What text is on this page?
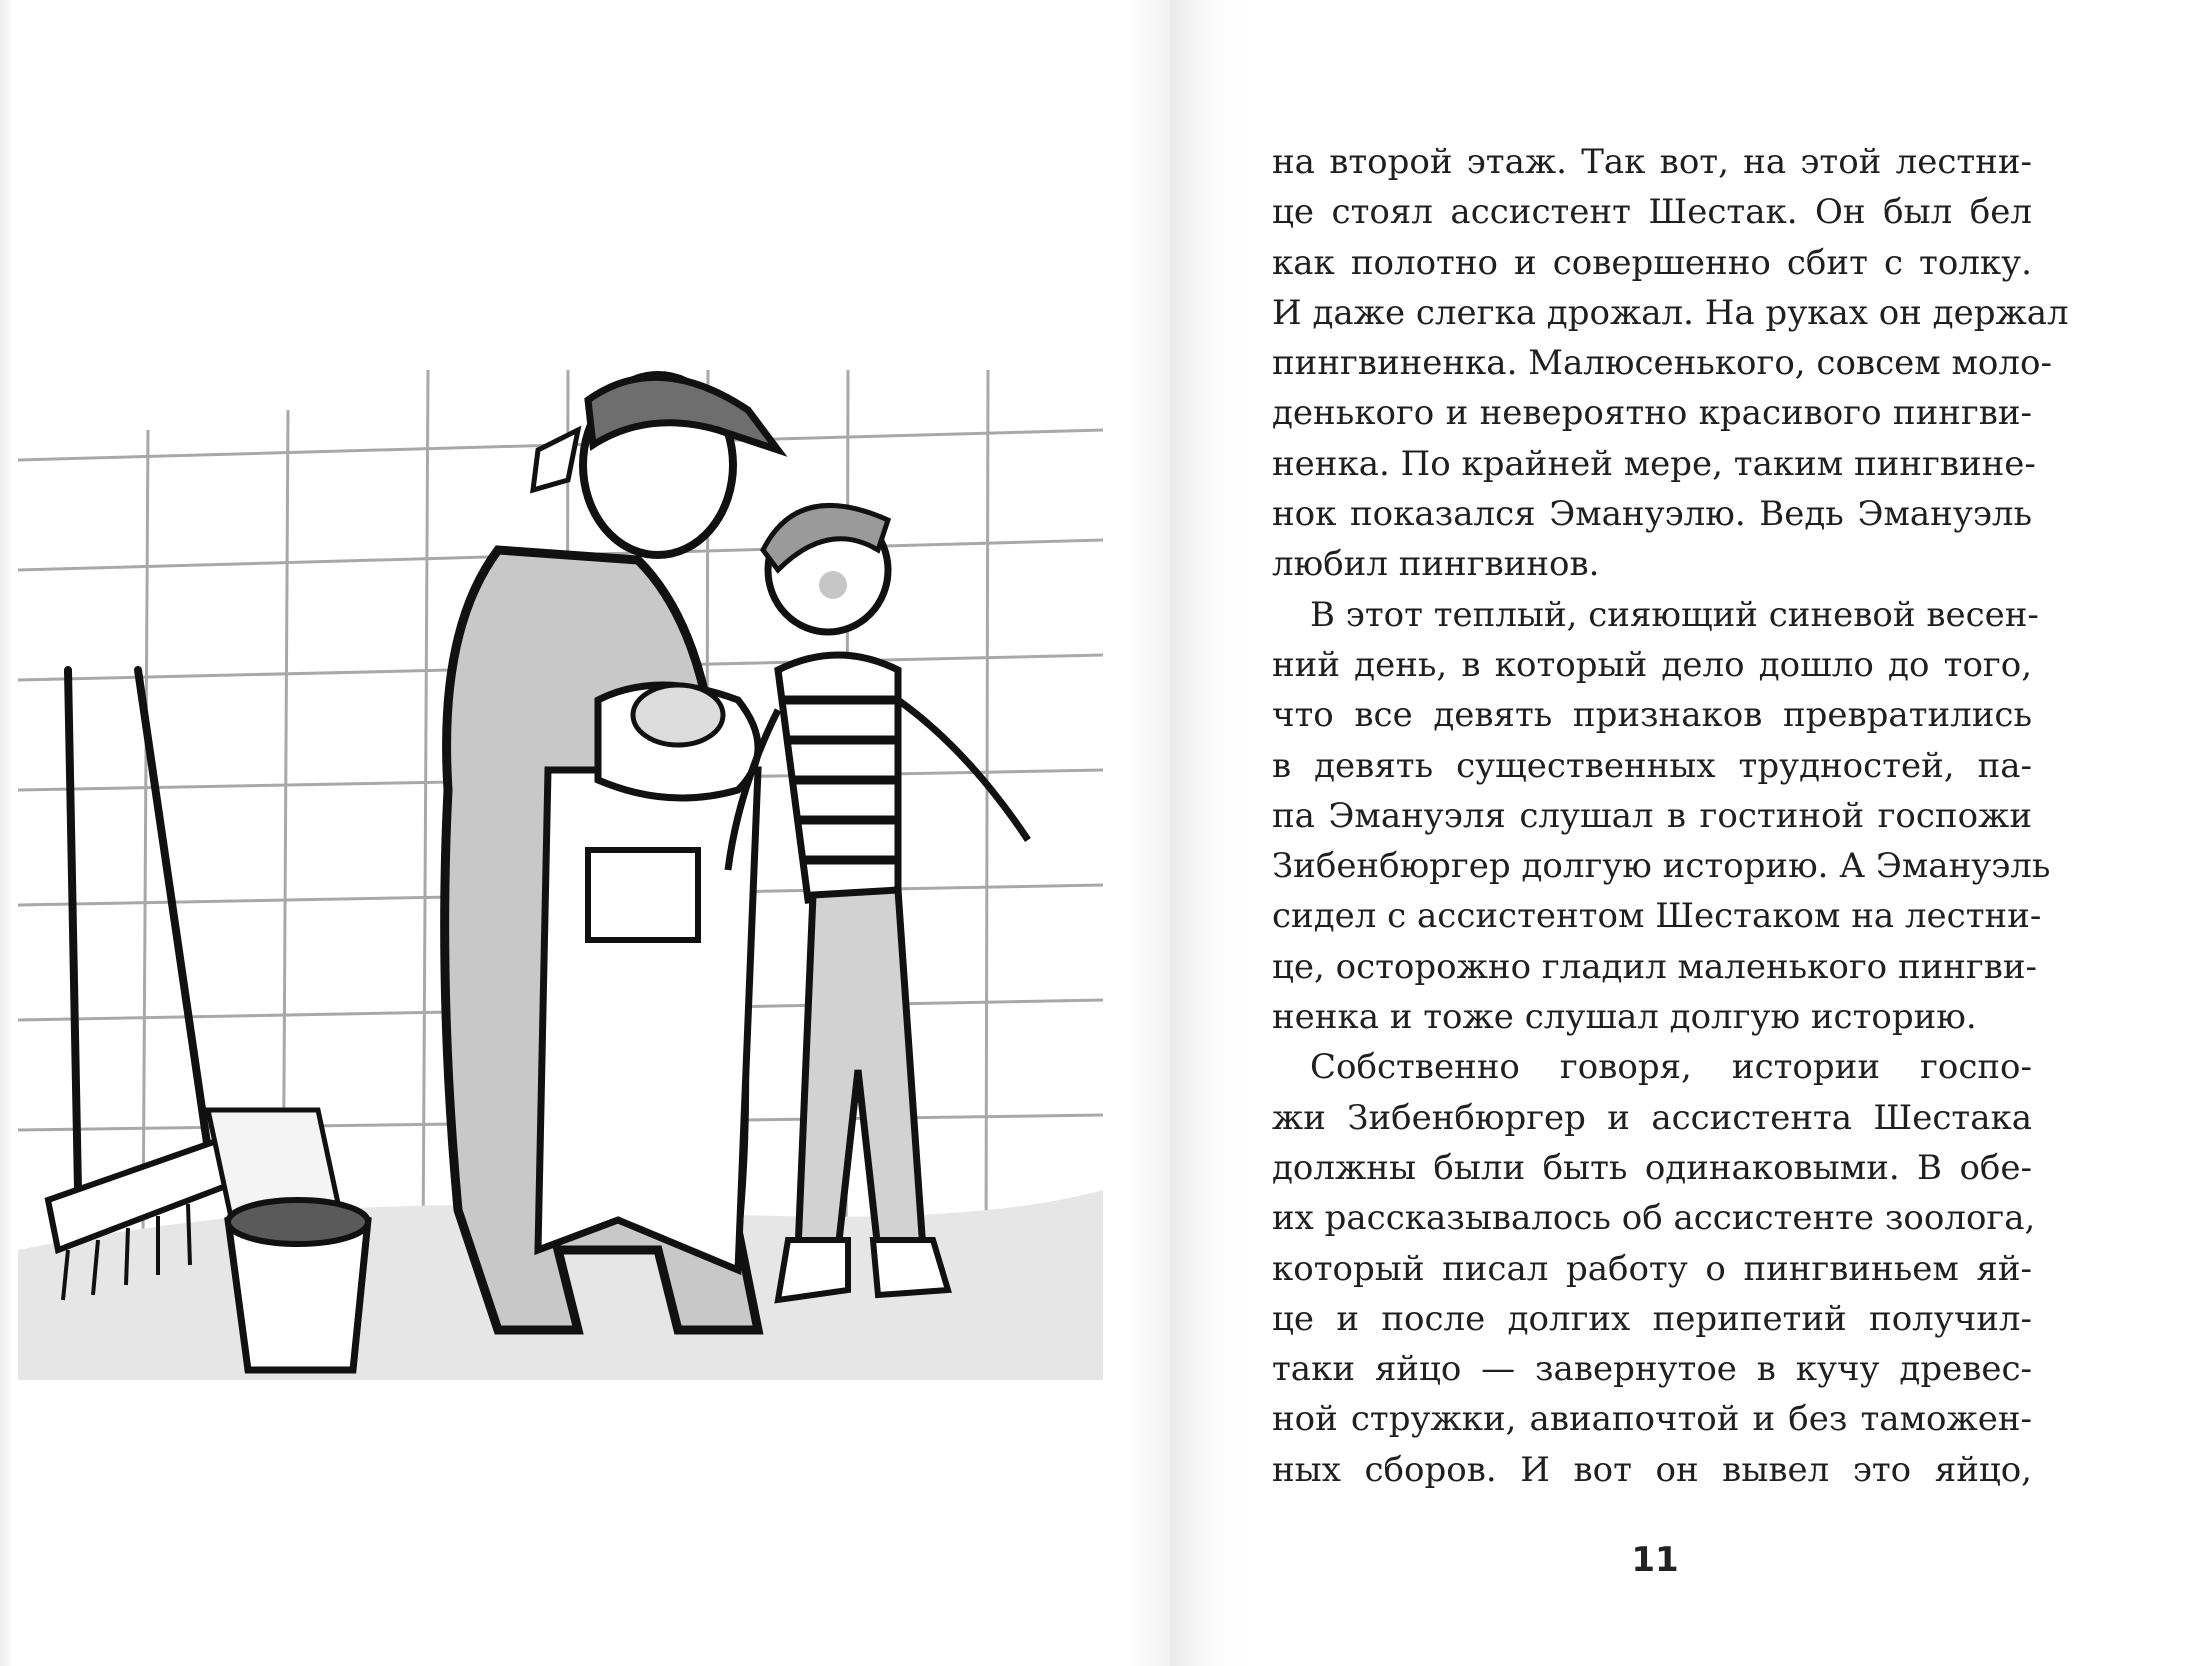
на второй этаж. Так вот, на этой лестни-
це стоял ассистент Шестак. Он был бел
как полотно и совершенно сбит с толку.
И даже слегка дрожал. На руках он держал
пингвиненка. Малюсенького, совсем моло-
денького и невероятно красивого пингви-
ненка. По крайней мере, таким пингвинe-
нок показался Эмануэлю. Ведь Эмануэль
любил пингвинов.

В этот теплый, сияющий синевой весен-
ний день, в который дело дошло до того,
что все девять признаков превратились
в девять существенных трудностей, па-
па Эмануэля слушал в гостиной госпожи
Зибенбюргер долгую историю. А Эмануэль
сидел с ассистентом Шестаком на лестни-
це, осторожно гладил маленького пингви-
ненка и тоже слушал долгую историю.

Собственно говоря, истории госпо-
жи Зибенбюргер и ассистента Шестака
должны были быть одинаковыми. В обе-
их рассказывалось об ассистенте зоолога,
который писал работу о пингвиньем яй-
це и после долгих перипетий получил-
таки яйцо — завернутое в кучу древес-
ной стружки, авиапочтой и без таможен-
ных сборов. И вот он вывел это яйцо,

11
